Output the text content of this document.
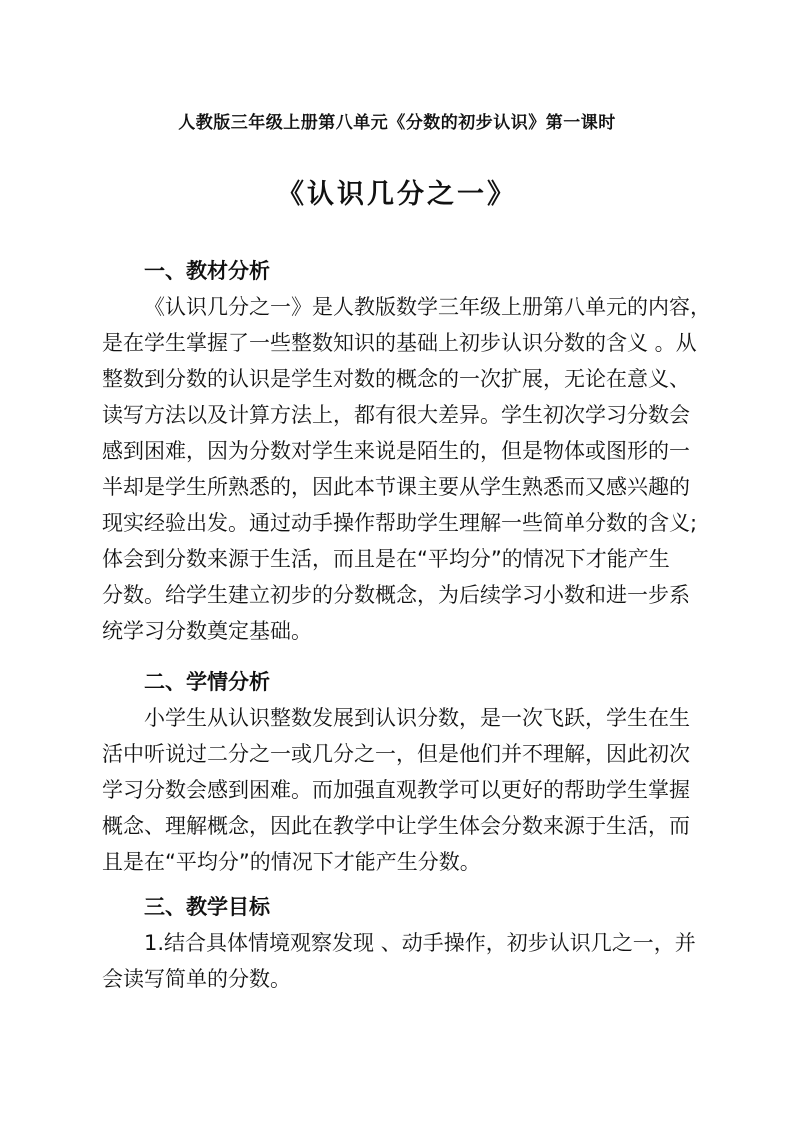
人教版三年级上册第八单元《分数的初步认识》第一课时
《认识几分之一》
一、教材分析
《认识几分之一》是人教版数学三年级上册第八单元的内容，
是在学生掌握了一些整数知识的基础上初步认识分数的含义 。从
整数到分数的认识是学生对数的概念的一次扩展，无论在意义、
读写方法以及计算方法上，都有很大差异。学生初次学习分数会
感到困难，因为分数对学生来说是陌生的，但是物体或图形的一
半却是学生所熟悉的，因此本节课主要从学生熟悉而又感兴趣的
现实经验出发。通过动手操作帮助学生理解一些简单分数的含义;
体会到分数来源于生活，而且是在“平均分”的情况下才能产生
分数。给学生建立初步的分数概念，为后续学习小数和进一步系
统学习分数奠定基础。
二、学情分析
小学生从认识整数发展到认识分数，是一次飞跃，学生在生
活中听说过二分之一或几分之一，但是他们并不理解，因此初次
学习分数会感到困难。而加强直观教学可以更好的帮助学生掌握
概念、理解概念，因此在教学中让学生体会分数来源于生活，而
且是在“平均分”的情况下才能产生分数。
三、教学目标
1.结合具体情境观察发现 、动手操作，初步认识几之一，并
会读写简单的分数。
